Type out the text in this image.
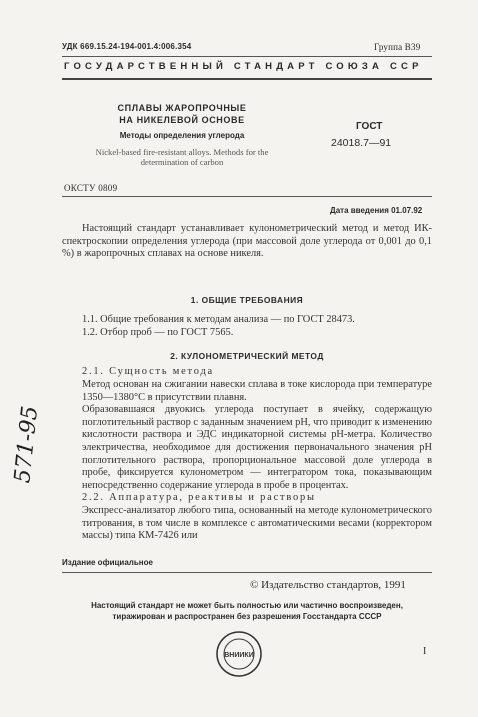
УДК 669.15.24-194-001.4:006.354	Группа В39
ГОСУДАРСТВЕННЫЙ СТАНДАРТ СОЮЗА ССР
СПЛАВЫ ЖАРОПРОЧНЫЕ
НА НИКЕЛЕВОЙ ОСНОВЕ
Методы определения углерода
Nickel-based fire-resistant alloys. Methods for the
determination of carbon
ГОСТ
24018.7—91
ОКСТУ 0809
Дата введения 01.07.92

Настоящий стандарт устанавливает кулонометрический метод и метод ИК-спектроскопии определения углерода (при массовой доле углерода от 0,001 до 0,1 %) в жаропрочных сплавах на основе никеля.

1. ОБЩИЕ ТРЕБОВАНИЯ
1.1. Общие требования к методам анализа — по ГОСТ 28473.
1.2. Отбор проб — по ГОСТ 7565.
2. КУЛОНОМЕТРИЧЕСКИЙ МЕТОД
2.1. Сущность метода

Метод основан на сжигании навески сплава в токе кислорода при температуре 1350—1380°С в присутствии плавня.

Образовавшаяся двуокись углерода поступает в ячейку, содержащую поглотительный раствор с заданным значением pH, что приводит к изменению кислотности раствора и ЭДС индикаторной системы pH-метра. Количество электричества, необходимое для достижения первоначального значения pH поглотительного раствора, пропорциональное массовой доле углерода в пробе, фиксируется кулонометром — интегратором тока, показывающим непосредственно содержание углерода в пробе в процентах.

2.2. Аппаратура, реактивы и растворы

Экспресс-анализатор любого типа, основанный на методе кулонометрического титрования, в том числе в комплексе с автоматическими весами (корректором массы) типа КМ-7426 или

571-95
Издание официальное
© Издательство стандартов, 1991
Настоящий стандарт не может быть полностью или частично воспроизведен,
тиражирован и распространен без разрешения Госстандарта СССР
ВНИИКИ	I
